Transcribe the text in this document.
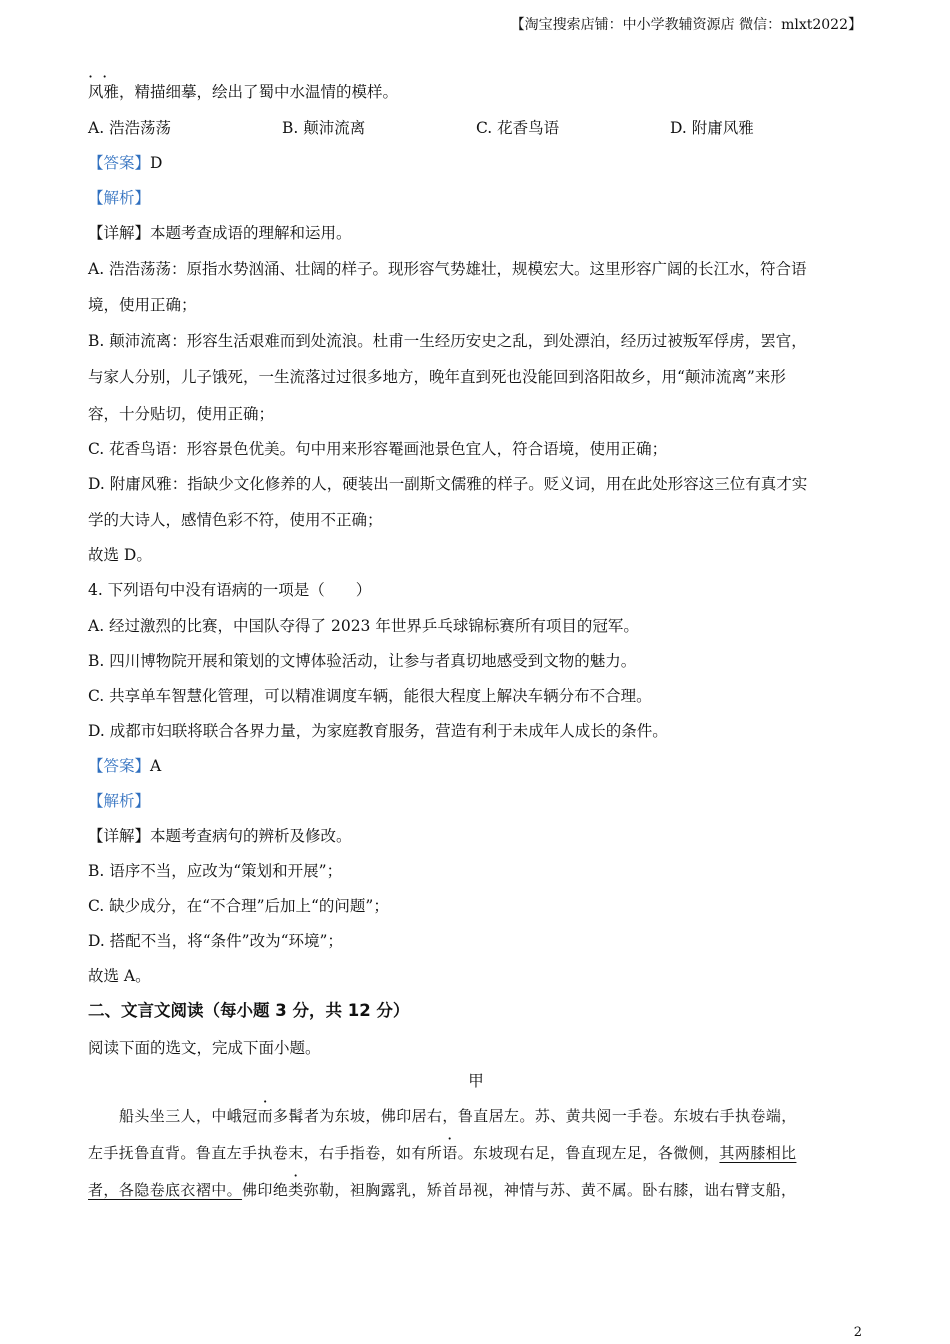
【淘宝搜索店铺：中小学教辅资源店 微信：mlxt2022】
··
风雅，精描细摹，绘出了蜀中水温情的模样。
A. 浩浩荡荡	B. 颠沛流离	C. 花香鸟语	D. 附庸风雅
【答案】D
【解析】
【详解】本题考查成语的理解和运用。
A. 浩浩荡荡：原指水势汹涌、壮阔的样子。现形容气势雄壮，规模宏大。这里形容广阔的长江水，符合语
境，使用正确；
B. 颠沛流离：形容生活艰难而到处流浪。杜甫一生经历安史之乱，到处漂泊，经历过被叛军俘虏，罢官，
与家人分别，儿子饿死，一生流落过过很多地方，晚年直到死也没能回到洛阳故乡，用“颠沛流离”来形
容，十分贴切，使用正确；
C. 花香鸟语：形容景色优美。句中用来形容罨画池景色宜人，符合语境，使用正确；
D. 附庸风雅：指缺少文化修养的人，硬装出一副斯文儒雅的样子。贬义词，用在此处形容这三位有真才实
学的大诗人，感情色彩不符，使用不正确；
故选 D。
4. 下列语句中没有语病的一项是（　　）
A. 经过激烈的比赛，中国队夺得了 2023 年世界乒乓球锦标赛所有项目的冠军。
B. 四川博物院开展和策划的文博体验活动，让参与者真切地感受到文物的魅力。
C. 共享单车智慧化管理，可以精准调度车辆，能很大程度上解决车辆分布不合理。
D. 成都市妇联将联合各界力量，为家庭教育服务，营造有利于未成年人成长的条件。
【答案】A
【解析】
【详解】本题考查病句的辨析及修改。
B. 语序不当，应改为“策划和开展”；
C. 缺少成分，在“不合理”后加上“的问题”；
D. 搭配不当，将“条件”改为“环境”；
故选 A。
二、文言文阅读（每小题 3 分，共 12 分）
阅读下面的选文，完成下面小题。
甲
船头坐三人，中峨冠而多髯者为东坡，佛印居右，鲁直居左。苏、黄共阅一手卷。东坡右手执卷端，
左手抚鲁直背。鲁直左手执卷末，右手指卷，如有所语。东坡现右足，鲁直现左足，各微侧，其两膝相比
者，各隐卷底衣褶中。佛印绝类弥勒，袒胸露乳，矫首昂视，神情与苏、黄不属。卧右膝，诎右臂支船，
2
